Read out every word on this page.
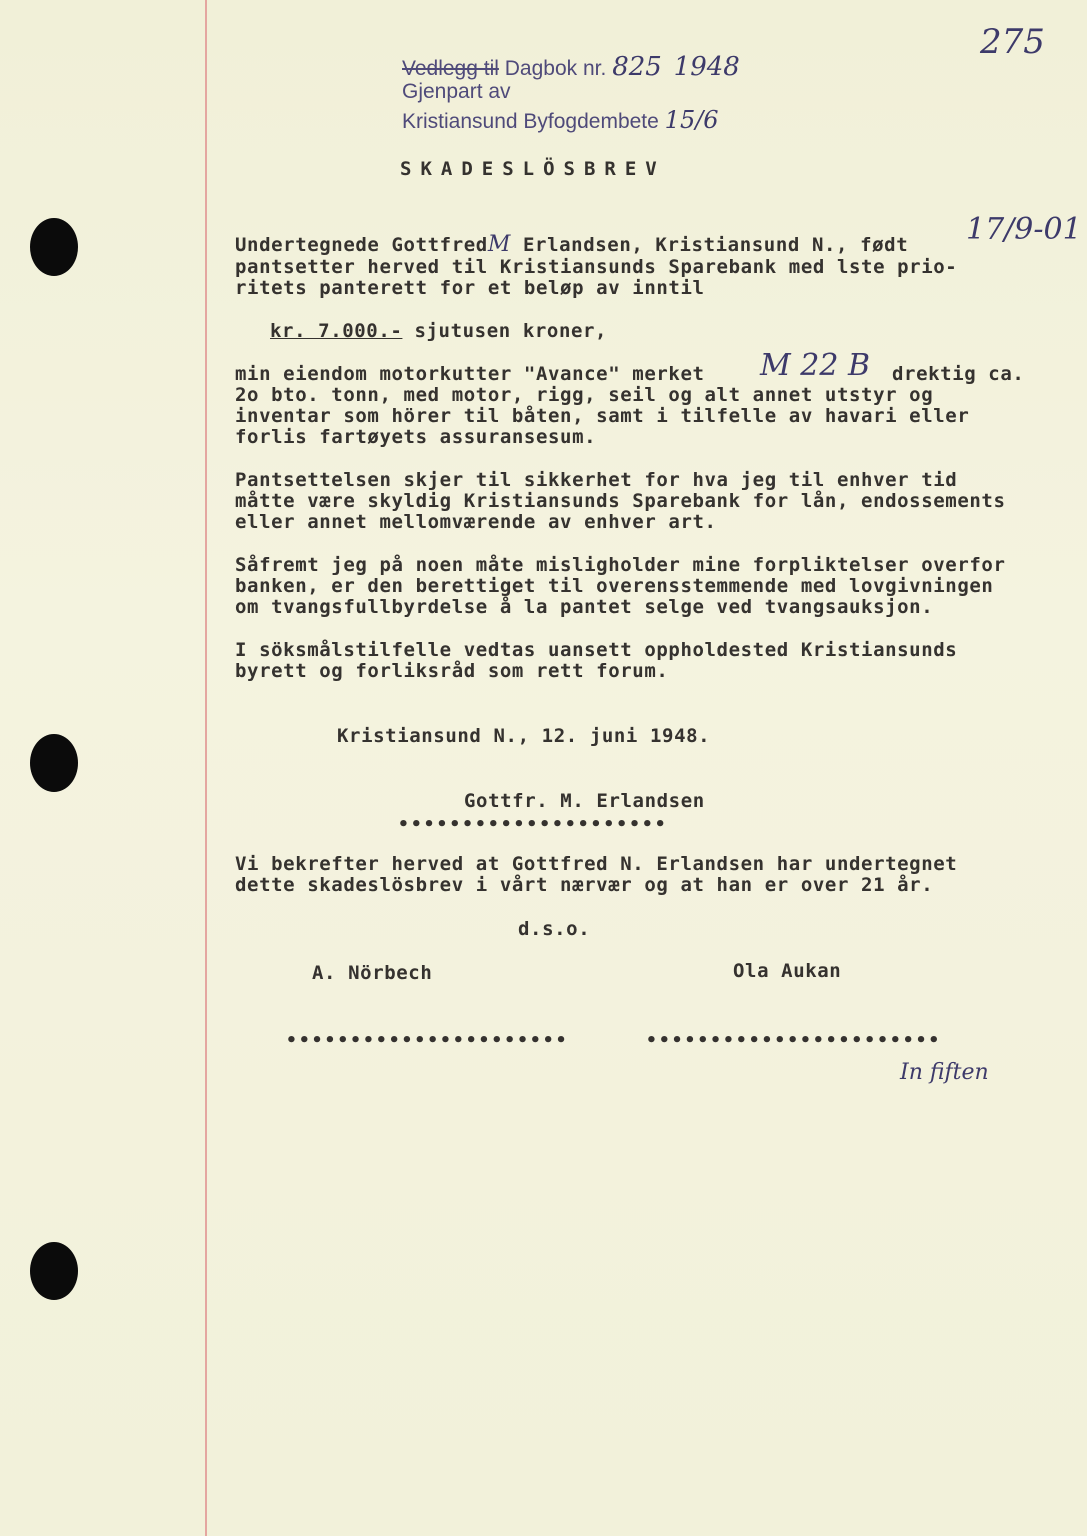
275
Vedlegg til Dagbok nr. 825 1948
Gjenpart av
Kristiansund Byfogdembete 15/6
SKADESLÖSBREV
17/9-01
Undertegnede GottfredM Erlandsen, Kristiansund N., født
pantsetter herved til Kristiansunds Sparebank med lste prio-
ritets panterett for et beløp av inntil
kr. 7.000.- sjutusen kroner,
min eiendom motorkutter "Avance" merket M 22 B drektig ca.
2o bto. tonn, med motor, rigg, seil og alt annet utstyr og
inventar som hörer til båten, samt i tilfelle av havari eller
forlis fartøyets assuransesum.
Pantsettelsen skjer til sikkerhet for hva jeg til enhver tid
måtte være skyldig Kristiansunds Sparebank for lån, endossements
eller annet mellomværende av enhver art.
Såfremt jeg på noen måte misligholder mine forpliktelser overfor
banken, er den berettiget til overensstemmende med lovgivningen
om tvangsfullbyrdelse å la pantet selge ved tvangsauksjon.
I söksmålstilfelle vedtas uansett oppholdested Kristiansunds
byrett og forliksråd som rett forum.
Kristiansund N., 12. juni 1948.
Gottfr. M. Erlandsen
•••••••••••••••••••••
Vi bekrefter herved at Gottfred N. Erlandsen har undertegnet
dette skadeslösbrev i vårt nærvær og at han er over 21 år.
d.s.o.
A. Nörbech	Ola Aukan
••••••••••••••••••••••	•••••••••••••••••••••••
In fiften
